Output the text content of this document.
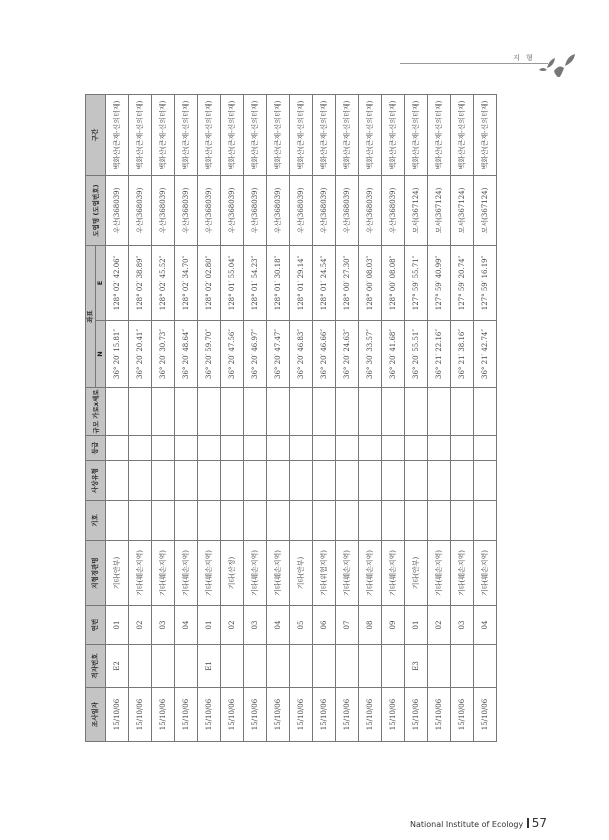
지 형
조사일자	격자번호	연번	지형경관명	기호	사상유형	등급	규모 가로x세로	좌표		도엽명 (도엽번호)	구간
								N	E		
15/10/06	E2	01	기타(안부)					36° 20′ 15.81″	128° 02′ 42.06″	우산(368039)	백화산(큰재-신의터재)
15/10/06		02	기타(훼손지역)					36° 20′ 20.41″	128° 02′ 38.89″	우산(368039)	백화산(큰재-신의터재)
15/10/06		03	기타(훼손지역)					36° 20′ 30.73″	128° 02′ 45.52″	우산(368039)	백화산(큰재-신의터재)
15/10/06		04	기타(훼손지역)					36° 20′ 48.64″	128° 02′ 34.70″	우산(368039)	백화산(큰재-신의터재)
15/10/06	E1	01	기타(훼손지역)					36° 20′ 59.70″	128° 02′ 02.80″	우산(368039)	백화산(큰재-신의터재)
15/10/06		02	기타(산정)					36° 20′ 47.56″	128° 01′ 55.04″	우산(368039)	백화산(큰재-신의터재)
15/10/06		03	기타(훼손지역)					36° 20′ 46.97″	128° 01′ 54.23″	우산(368039)	백화산(큰재-신의터재)
15/10/06		04	기타(훼손지역)					36° 20′ 47.47″	128° 01′ 30.18″	우산(368039)	백화산(큰재-신의터재)
15/10/06		05	기타(안부)					36° 20′ 46.83″	128° 01′ 29.14″	우산(368039)	백화산(큰재-신의터재)
15/10/06		06	기타(위험지역)					36° 20′ 46.66″	128° 01′ 24.54″	우산(368039)	백화산(큰재-신의터재)
15/10/06		07	기타(훼손지역)					36° 20′ 24.63″	128° 00′ 27.30″	우산(368039)	백화산(큰재-신의터재)
15/10/06		08	기타(훼손지역)					36° 30′ 33.57″	128° 00′ 08.03″	우산(368039)	백화산(큰재-신의터재)
15/10/06		09	기타(훼손지역)					36° 20′ 41.68″	128° 00′ 08.08″	우산(368039)	백화산(큰재-신의터재)
15/10/06	E3	01	기타(안부)					36° 20′ 55.51″	127° 59′ 55.71″	모서(367124)	백화산(큰재-신의터재)
15/10/06		02	기타(훼손지역)					36° 21′ 22.16″	127° 59′ 40.99″	모서(367124)	백화산(큰재-신의터재)
15/10/06		03	기타(훼손지역)					36° 21′ 38.16″	127° 59′ 20.74″	모서(367124)	백화산(큰재-신의터재)
15/10/06		04	기타(훼손지역)					36° 21′ 42.74″	127° 59′ 16.19″	모서(367124)	백화산(큰재-신의터재)
National Institute of Ecology 57
